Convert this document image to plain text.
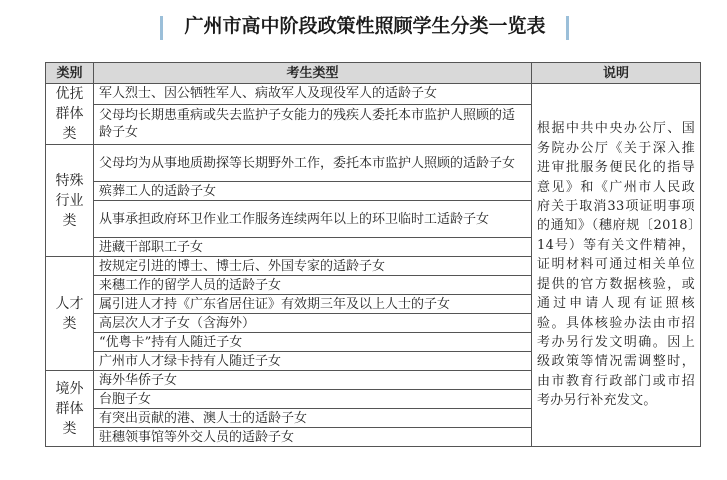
广州市高中阶段政策性照顾学生分类一览表
类别	考生类型	说明

优抚
群体
类	军人烈士、因公牺牲军人、病故军人及现役军人的适龄子女	根据中共中央办公厅、国务院办公厅《关于深入推进审批服务便民化的指导意见》和《广州市人民政府关于取消33项证明事项的通知》（穗府规〔2018〕14号）等有关文件精神，证明材料可通过相关单位提供的官方数据核验，或通过申请人现有证照核验。具体核验办法由市招考办另行发文明确。因上级政策等情况需调整时，由市教育行政部门或市招考办另行补充发文。
	父母均长期患重病或失去监护子女能力的残疾人委托本市监护人照顾的适龄子女	

特殊
行业
类	父母均为从事地质勘探等长期野外工作，委托本市监护人照顾的适龄子女	
	殡葬工人的适龄子女	
	从事承担政府环卫作业工作服务连续两年以上的环卫临时工适龄子女	
	进藏干部职工子女	

人才
类	按规定引进的博士、博士后、外国专家的适龄子女	
	来穗工作的留学人员的适龄子女	
	属引进人才持《广东省居住证》有效期三年及以上人士的子女	
	高层次人才子女（含海外）	
	“优粤卡”持有人随迁子女	
	广州市人才绿卡持有人随迁子女	

境外
群体
类	海外华侨子女	
	台胞子女	
	有突出贡献的港、澳人士的适龄子女	
	驻穗领事馆等外交人员的适龄子女	
